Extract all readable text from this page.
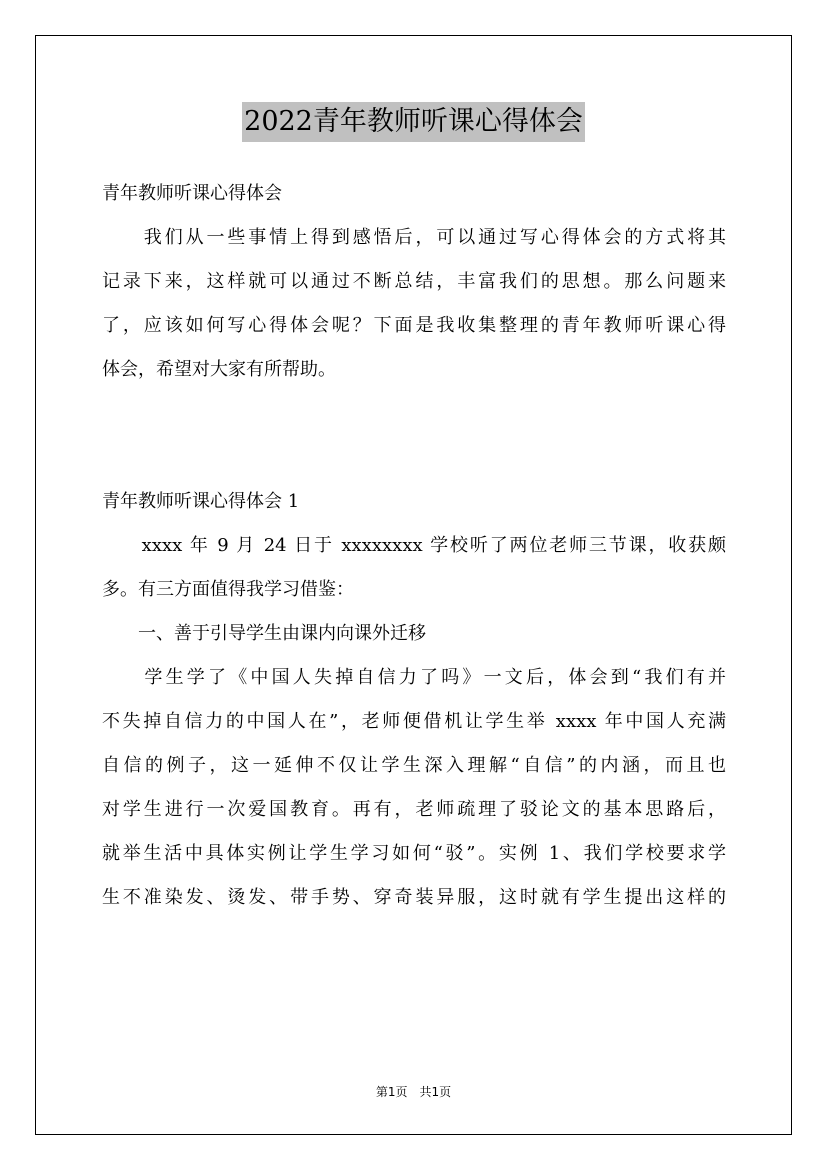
2022青年教师听课心得体会
青年教师听课心得体会
　　我们从一些事情上得到感悟后，可以通过写心得体会的方式将其
记录下来，这样就可以通过不断总结，丰富我们的思想。那么问题来
了，应该如何写心得体会呢？下面是我收集整理的青年教师听课心得
体会，希望对大家有所帮助。
青年教师听课心得体会 1
　　xxxx 年 9 月 24 日于 xxxxxxxx 学校听了两位老师三节课，收获颇
多。有三方面值得我学习借鉴：
　　一、善于引导学生由课内向课外迁移
　　学生学了《中国人失掉自信力了吗》一文后，体会到“我们有并
不失掉自信力的中国人在”，老师便借机让学生举 xxxx 年中国人充满
自信的例子，这一延伸不仅让学生深入理解“自信”的内涵，而且也
对学生进行一次爱国教育。再有，老师疏理了驳论文的基本思路后，
就举生活中具体实例让学生学习如何“驳”。实例 1、我们学校要求学
生不准染发、烫发、带手势、穿奇装异服，这时就有学生提出这样的
第1页　共1页
